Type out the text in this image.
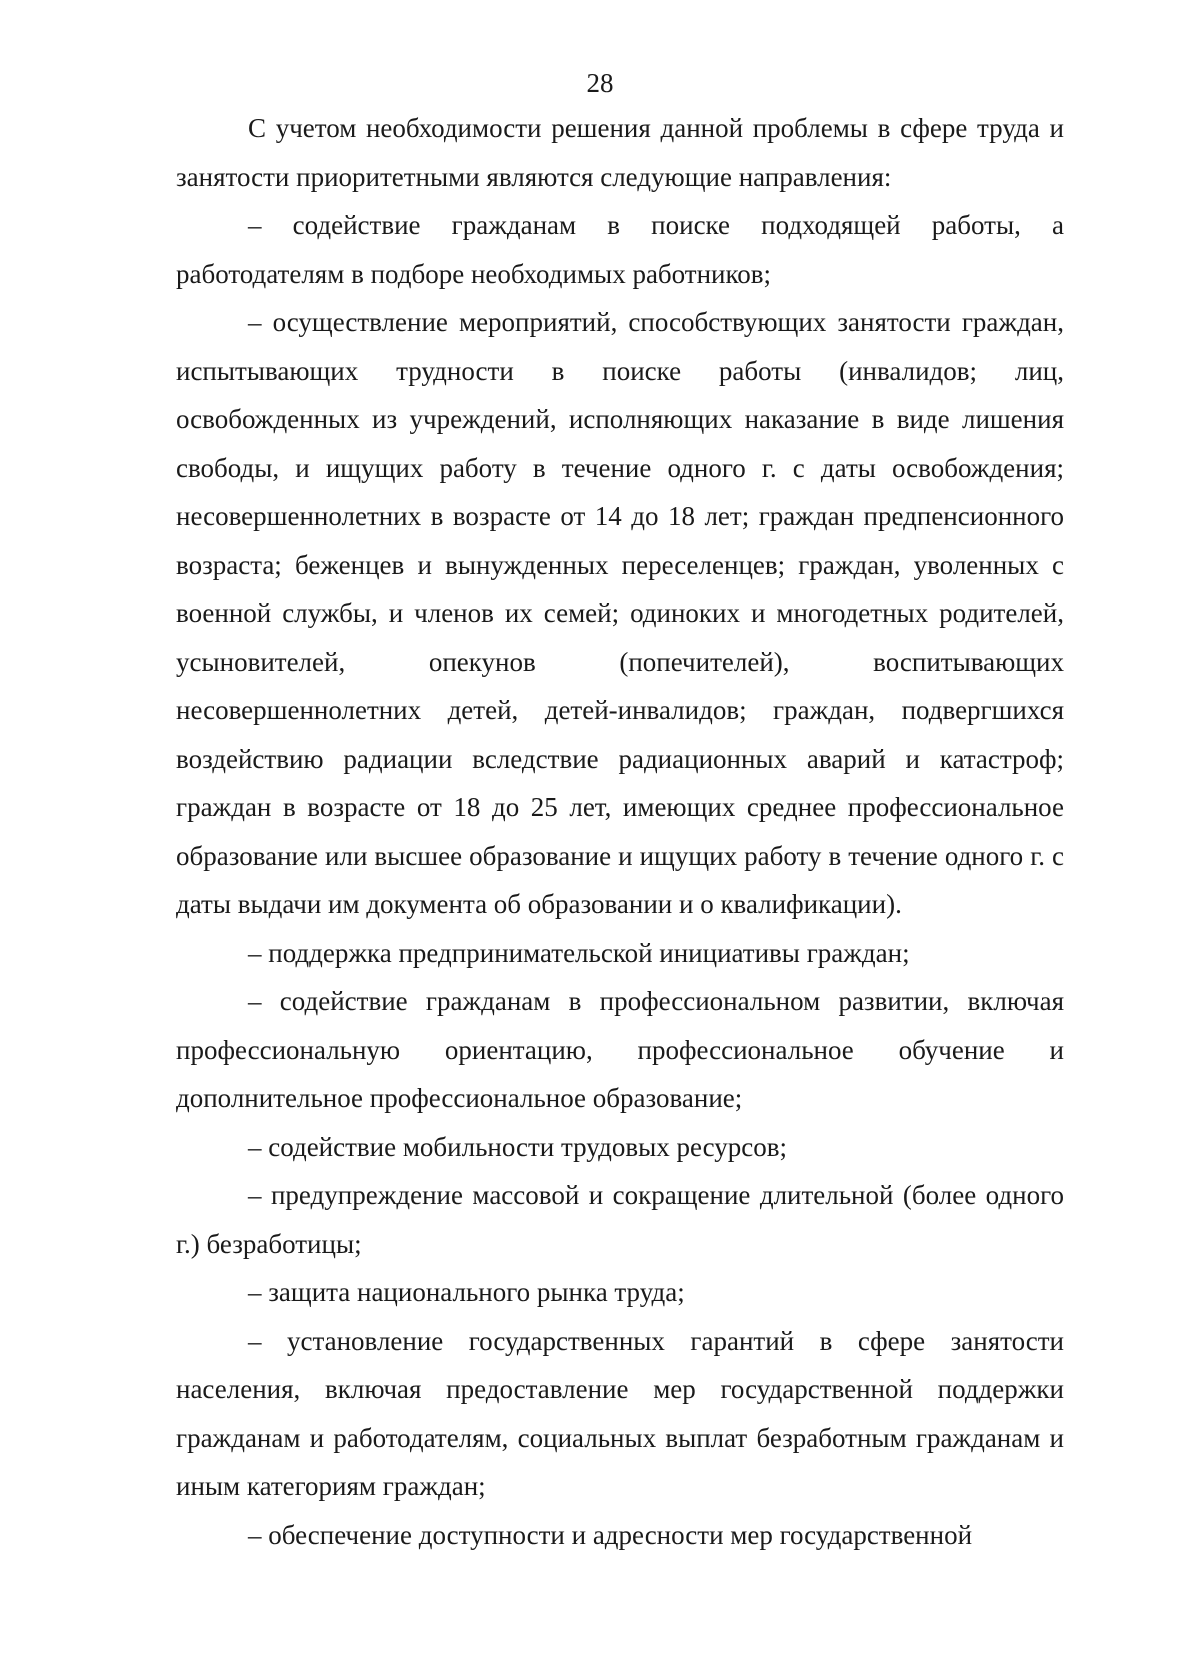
28

С учетом необходимости решения данной проблемы в сфере труда и занятости приоритетными являются следующие направления:

– содействие гражданам в поиске подходящей работы, а работодателям в подборе необходимых работников;

– осуществление мероприятий, способствующих занятости граждан, испытывающих трудности в поиске работы (инвалидов; лиц, освобожденных из учреждений, исполняющих наказание в виде лишения свободы, и ищущих работу в течение одного г. с даты освобождения; несовершеннолетних в возрасте от 14 до 18 лет; граждан предпенсионного возраста; беженцев и вынужденных переселенцев; граждан, уволенных с военной службы, и членов их семей; одиноких и многодетных родителей, усыновителей, опекунов (попечителей), воспитывающих несовершеннолетних детей, детей-инвалидов; граждан, подвергшихся воздействию радиации вследствие радиационных аварий и катастроф; граждан в возрасте от 18 до 25 лет, имеющих среднее профессиональное образование или высшее образование и ищущих работу в течение одного г. с даты выдачи им документа об образовании и о квалификации).

– поддержка предпринимательской инициативы граждан;

– содействие гражданам в профессиональном развитии, включая профессиональную ориентацию, профессиональное обучение и дополнительное профессиональное образование;

– содействие мобильности трудовых ресурсов;

– предупреждение массовой и сокращение длительной (более одного г.) безработицы;

– защита национального рынка труда;

– установление государственных гарантий в сфере занятости населения, включая предоставление мер государственной поддержки гражданам и работодателям, социальных выплат безработным гражданам и иным категориям граждан;

– обеспечение доступности и адресности мер государственной
